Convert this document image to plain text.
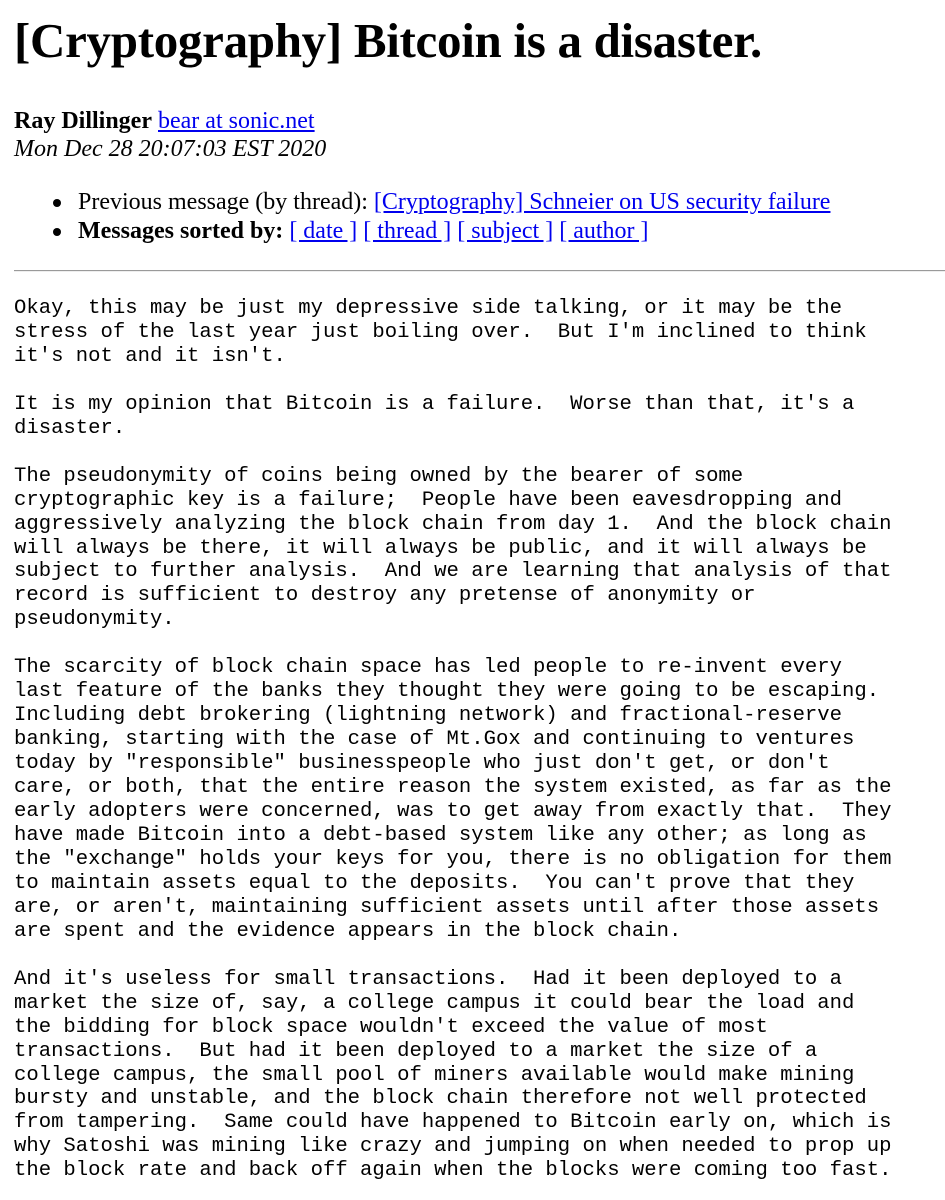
[Cryptography] Bitcoin is a disaster.
Ray Dillinger bear at sonic.net
Mon Dec 28 20:07:03 EST 2020
Previous message (by thread): [Cryptography] Schneier on US security failure
Messages sorted by: [ date ] [ thread ] [ subject ] [ author ]
Okay, this may be just my depressive side talking, or it may be the
stress of the last year just boiling over.  But I'm inclined to think
it's not and it isn't.

It is my opinion that Bitcoin is a failure.  Worse than that, it's a
disaster.

The pseudonymity of coins being owned by the bearer of some
cryptographic key is a failure;  People have been eavesdropping and
aggressively analyzing the block chain from day 1.  And the block chain
will always be there, it will always be public, and it will always be
subject to further analysis.  And we are learning that analysis of that
record is sufficient to destroy any pretense of anonymity or
pseudonymity.

The scarcity of block chain space has led people to re-invent every
last feature of the banks they thought they were going to be escaping.
Including debt brokering (lightning network) and fractional-reserve
banking, starting with the case of Mt.Gox and continuing to ventures
today by "responsible" businesspeople who just don't get, or don't
care, or both, that the entire reason the system existed, as far as the
early adopters were concerned, was to get away from exactly that.  They
have made Bitcoin into a debt-based system like any other; as long as
the "exchange" holds your keys for you, there is no obligation for them
to maintain assets equal to the deposits.  You can't prove that they
are, or aren't, maintaining sufficient assets until after those assets
are spent and the evidence appears in the block chain.

And it's useless for small transactions.  Had it been deployed to a
market the size of, say, a college campus it could bear the load and
the bidding for block space wouldn't exceed the value of most
transactions.  But had it been deployed to a market the size of a
college campus, the small pool of miners available would make mining
bursty and unstable, and the block chain therefore not well protected
from tampering.  Same could have happened to Bitcoin early on, which is
why Satoshi was mining like crazy and jumping on when needed to prop up
the block rate and back off again when the blocks were coming too fast.
